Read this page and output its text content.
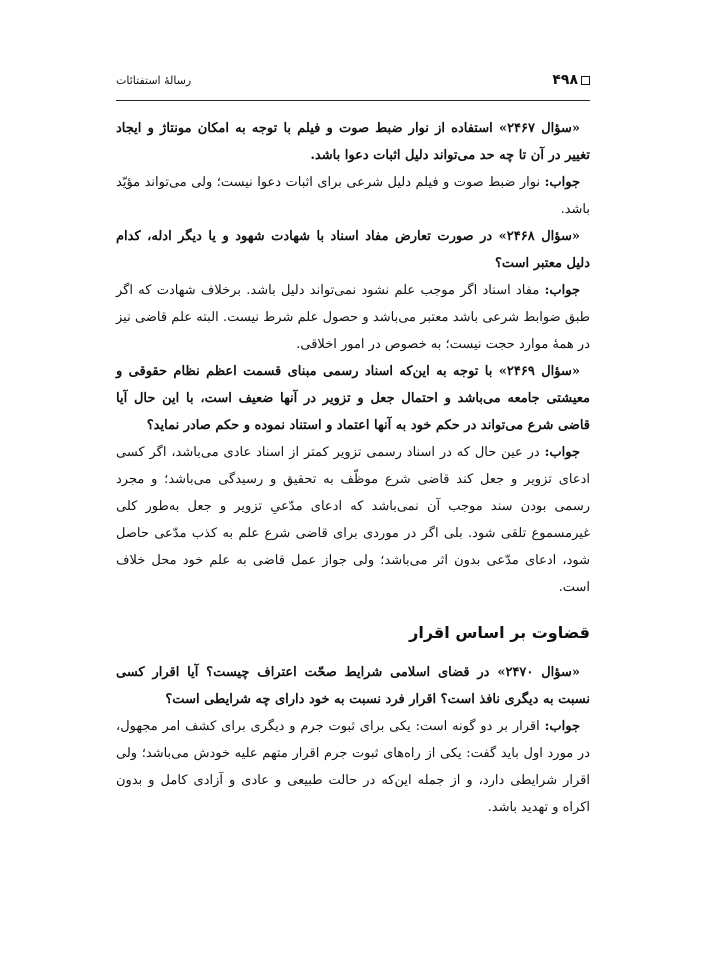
۴۹۸
رسالهٔ استفتائات

«سؤال ۲۴۶۷» استفاده از نوار ضبط صوت و فیلم با توجه به امکان مونتاژ و ایجاد تغییر در آن تا چه حد می‌تواند دلیل اثبات دعوا باشد.

جواب: نوار ضبط صوت و فیلم دلیل شرعی برای اثبات دعوا نیست؛ ولی می‌تواند مؤیّد باشد.

«سؤال ۲۴۶۸» در صورت تعارض مفاد اسناد با شهادت شهود و یا دیگر ادله، کدام دلیل معتبر است؟

جواب: مفاد اسناد اگر موجب علم نشود نمی‌تواند دلیل باشد. برخلاف شهادت که اگر طبق ضوابط شرعی باشد معتبر می‌باشد و حصول علم شرط نیست. البته علم قاضی نیز در همهٔ موارد حجت نیست؛ به خصوص در امور اخلاقی.

«سؤال ۲۴۶۹» با توجه به این‌که اسناد رسمی مبنای قسمت اعظم نظام حقوقی و معیشتی جامعه می‌باشد و احتمال جعل و تزویر در آنها ضعیف است، با این حال آیا قاضی شرع می‌تواند در حکم خود به آنها اعتماد و استناد نموده و حکم صادر نماید؟

جواب: در عین حال که در اسناد رسمی تزویر کمتر از اسناد عادی می‌باشد، اگر کسی ادعای تزویر و جعل کند قاضی شرع موظّف به تحقیق و رسیدگی می‌باشد؛ و مجرد رسمی بودن سند موجب آن نمی‌باشد که ادعای مدّعیِ تزویر و جعل به‌طور کلی غیرمسموع تلقی شود. بلی اگر در موردی برای قاضی شرع علم به کذب مدّعی حاصل شود، ادعای مدّعی بدون اثر می‌باشد؛ ولی جواز عمل قاضی به علم خود محل خلاف است.

قضاوت بر اساس اقرار

«سؤال ۲۴۷۰» در قضای اسلامی شرایط صحّت اعتراف چیست؟ آیا اقرار کسی نسبت به دیگری نافذ است؟ اقرار فرد نسبت به خود دارای چه شرایطی است؟

جواب: اقرار بر دو گونه است: یکی برای ثبوت جرم و دیگری برای کشف امر مجهول، در مورد اول باید گفت: یکی از راه‌های ثبوت جرم اقرار متهم علیه خودش می‌باشد؛ ولی اقرار شرایطی دارد، و از جمله این‌که در حالت طبیعی و عادی و آزادی کامل و بدون اکراه و تهدید باشد.
